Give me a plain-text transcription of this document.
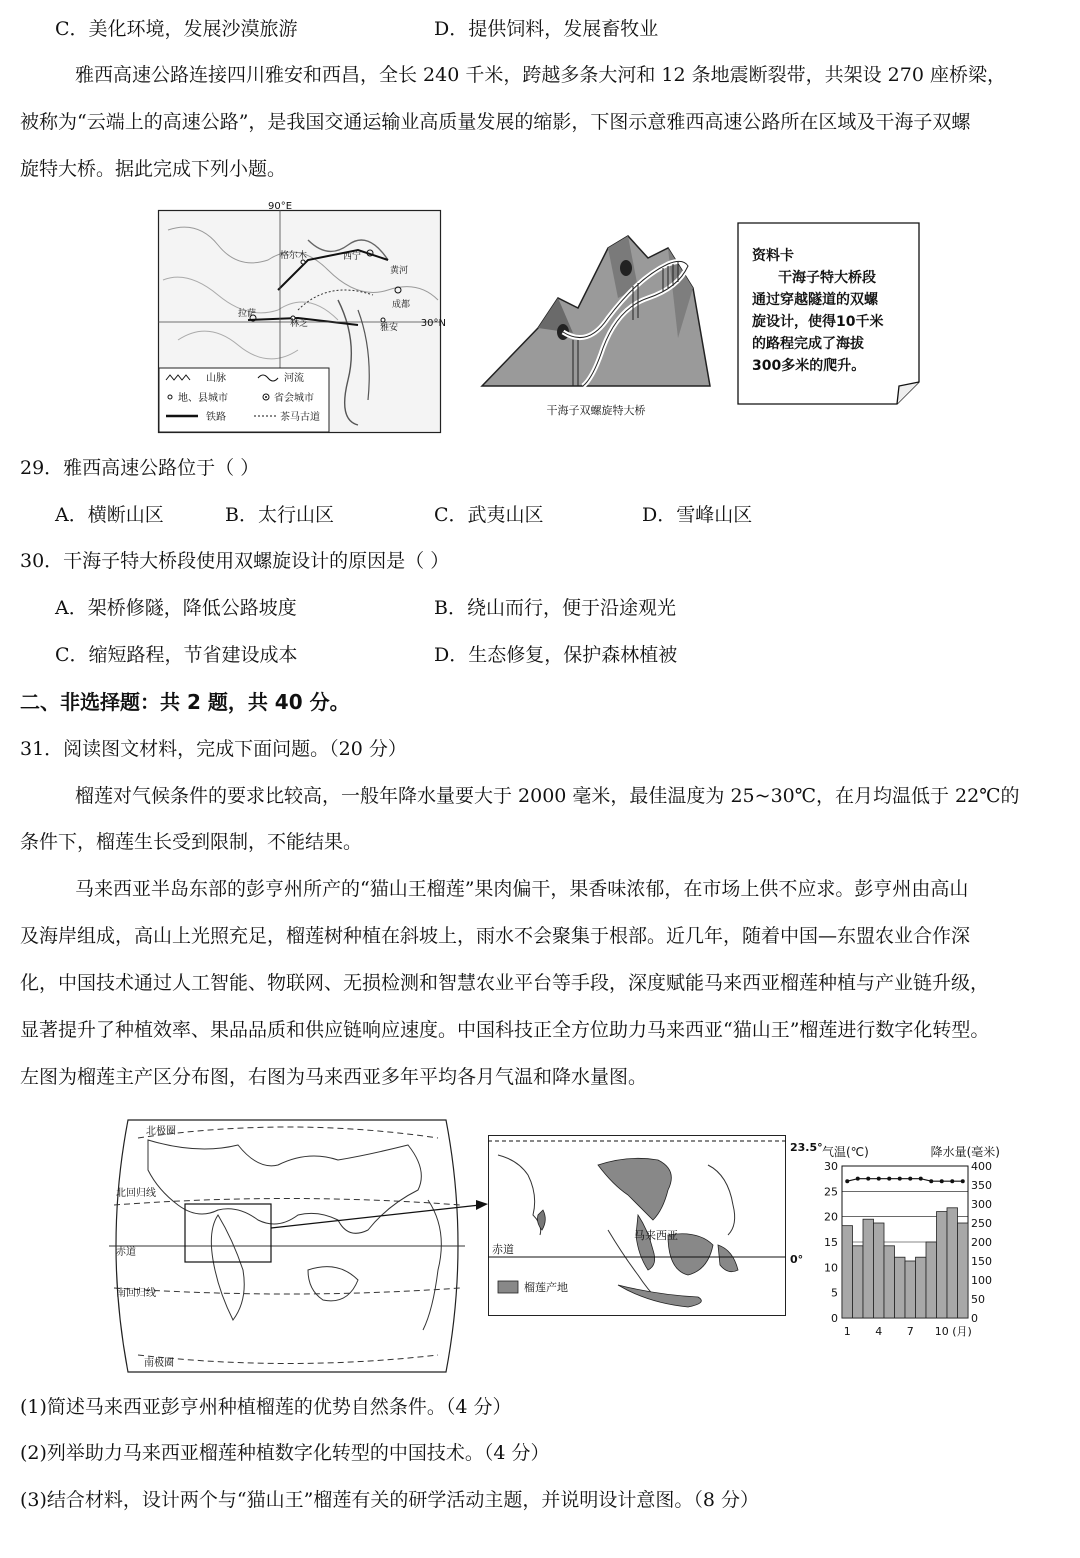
C．美化环境，发展沙漠旅游	D．提供饲料，发展畜牧业
雅西高速公路连接四川雅安和西昌，全长 240 千米，跨越多条大河和 12 条地震断裂带，共架设 270 座桥梁，
被称为“云端上的高速公路”，是我国交通运输业高质量发展的缩影，下图示意雅西高速公路所在区域及干海子双螺
旋特大桥。据此完成下列小题。
90°E
30°N
格尔木	西宁
黄河
成都
拉萨
林芝	雅安
山脉	河流
地、县城市	省会城市
铁路	茶马古道
干海子双螺旋特大桥
资料卡
干海子特大桥段
通过穿越隧道的双螺
旋设计，使得10千米
的路程完成了海拔
300多米的爬升。
29．雅西高速公路位于（ ）
A．横断山区	B．太行山区	C．武夷山区	D．雪峰山区
30．干海子特大桥段使用双螺旋设计的原因是（ ）
A．架桥修隧，降低公路坡度	B．绕山而行，便于沿途观光
C．缩短路程，节省建设成本	D．生态修复，保护森林植被
二、非选择题：共 2 题，共 40 分。
31．阅读图文材料，完成下面问题。（20 分）
榴莲对气候条件的要求比较高，一般年降水量要大于 2000 毫米，最佳温度为 25~30℃，在月均温低于 22℃的
条件下，榴莲生长受到限制，不能结果。
马来西亚半岛东部的彭亨州所产的“猫山王榴莲”果肉偏干，果香味浓郁，在市场上供不应求。彭亨州由高山
及海岸组成，高山上光照充足，榴莲树种植在斜坡上，雨水不会聚集于根部。近几年，随着中国—东盟农业合作深
化，中国技术通过人工智能、物联网、无损检测和智慧农业平台等手段，深度赋能马来西亚榴莲种植与产业链升级，
显著提升了种植效率、果品品质和供应链响应速度。中国科技正全方位助力马来西亚“猫山王”榴莲进行数字化转型。
左图为榴莲主产区分布图，右图为马来西亚多年平均各月气温和降水量图。
北极圈
北回归线
赤道
南回归线
南极圈
23.5°
0°
赤道
马来西亚
榴莲产地
0
5
10
15
20
25
30
0
50
100
150
200
250
300
350
400
1 4 7 10 (月)
气温(℃)	降水量(毫米)
(1)简述马来西亚彭亨州种植榴莲的优势自然条件。（4 分）
(2)列举助力马来西亚榴莲种植数字化转型的中国技术。（4 分）
(3)结合材料，设计两个与“猫山王”榴莲有关的研学活动主题，并说明设计意图。（8 分）
